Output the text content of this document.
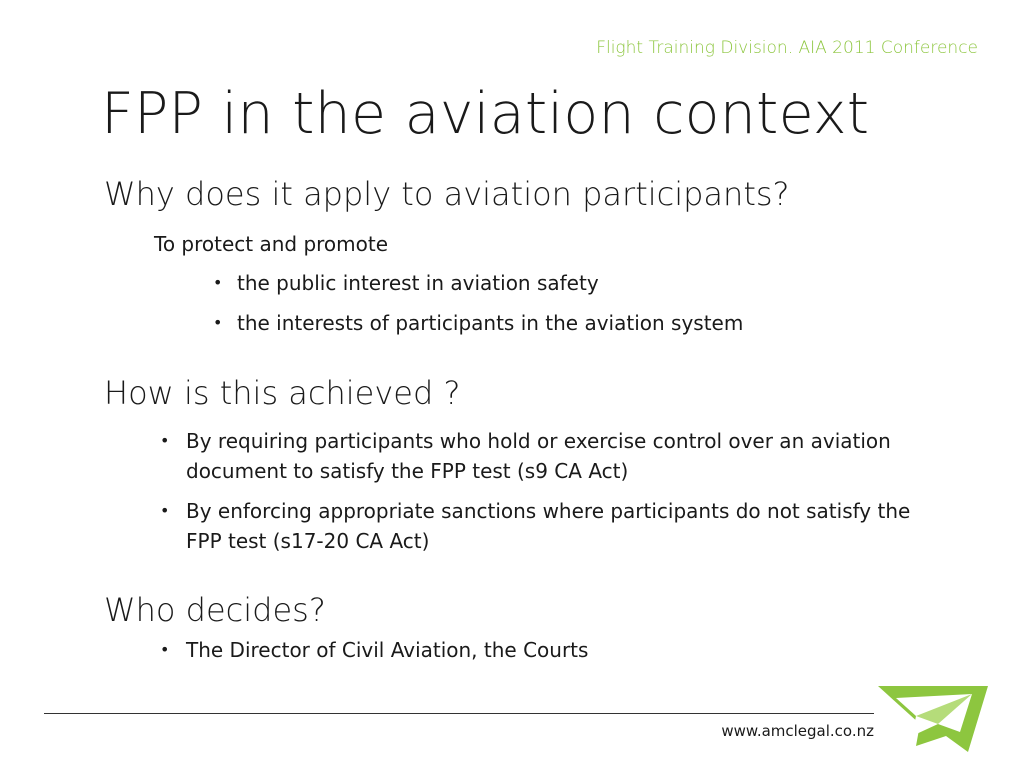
Flight Training Division. AIA 2011 Conference
FPP in the aviation context
Why does it apply to aviation participants?
To protect and promote
• the public interest in aviation safety
• the interests of participants in the aviation system
How is this achieved ?
• By requiring participants who hold or exercise control over an aviation document to satisfy the FPP test (s9 CA Act)
• By enforcing appropriate sanctions where participants do not satisfy the FPP test (s17-20 CA Act)
Who decides?
• The Director of Civil Aviation, the Courts
www.amclegal.co.nz
